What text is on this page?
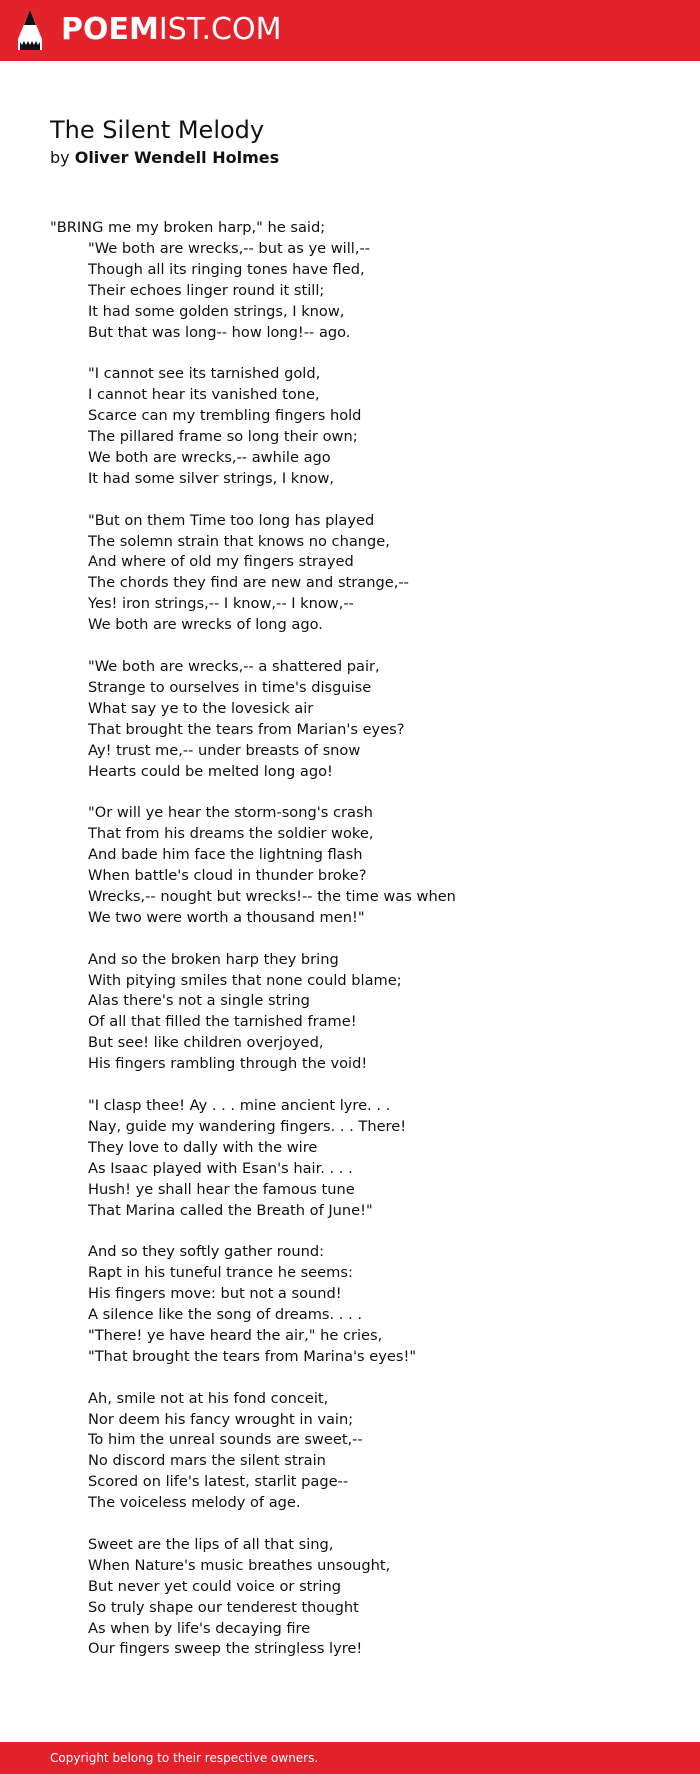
POEMIST.COM
The Silent Melody
by Oliver Wendell Holmes
"BRING me my broken harp," he said;
"We both are wrecks,-- but as ye will,--
Though all its ringing tones have fled,
Their echoes linger round it still;
It had some golden strings, I know,
But that was long-- how long!-- ago.
"I cannot see its tarnished gold,
I cannot hear its vanished tone,
Scarce can my trembling fingers hold
The pillared frame so long their own;
We both are wrecks,-- awhile ago
It had some silver strings, I know,
"But on them Time too long has played
The solemn strain that knows no change,
And where of old my fingers strayed
The chords they find are new and strange,--
Yes! iron strings,-- I know,-- I know,--
We both are wrecks of long ago.
"We both are wrecks,-- a shattered pair,
Strange to ourselves in time's disguise
What say ye to the lovesick air
That brought the tears from Marian's eyes?
Ay! trust me,-- under breasts of snow
Hearts could be melted long ago!
"Or will ye hear the storm-song's crash
That from his dreams the soldier woke,
And bade him face the lightning flash
When battle's cloud in thunder broke?
Wrecks,-- nought but wrecks!-- the time was when
We two were worth a thousand men!"
And so the broken harp they bring
With pitying smiles that none could blame;
Alas there's not a single string
Of all that filled the tarnished frame!
But see! like children overjoyed,
His fingers rambling through the void!
"I clasp thee! Ay . . . mine ancient lyre. . .
Nay, guide my wandering fingers. . . There!
They love to dally with the wire
As Isaac played with Esan's hair. . . .
Hush! ye shall hear the famous tune
That Marina called the Breath of June!"
And so they softly gather round:
Rapt in his tuneful trance he seems:
His fingers move: but not a sound!
A silence like the song of dreams. . . .
"There! ye have heard the air," he cries,
"That brought the tears from Marina's eyes!"
Ah, smile not at his fond conceit,
Nor deem his fancy wrought in vain;
To him the unreal sounds are sweet,--
No discord mars the silent strain
Scored on life's latest, starlit page--
The voiceless melody of age.
Sweet are the lips of all that sing,
When Nature's music breathes unsought,
But never yet could voice or string
So truly shape our tenderest thought
As when by life's decaying fire
Our fingers sweep the stringless lyre!
Copyright belong to their respective owners.
